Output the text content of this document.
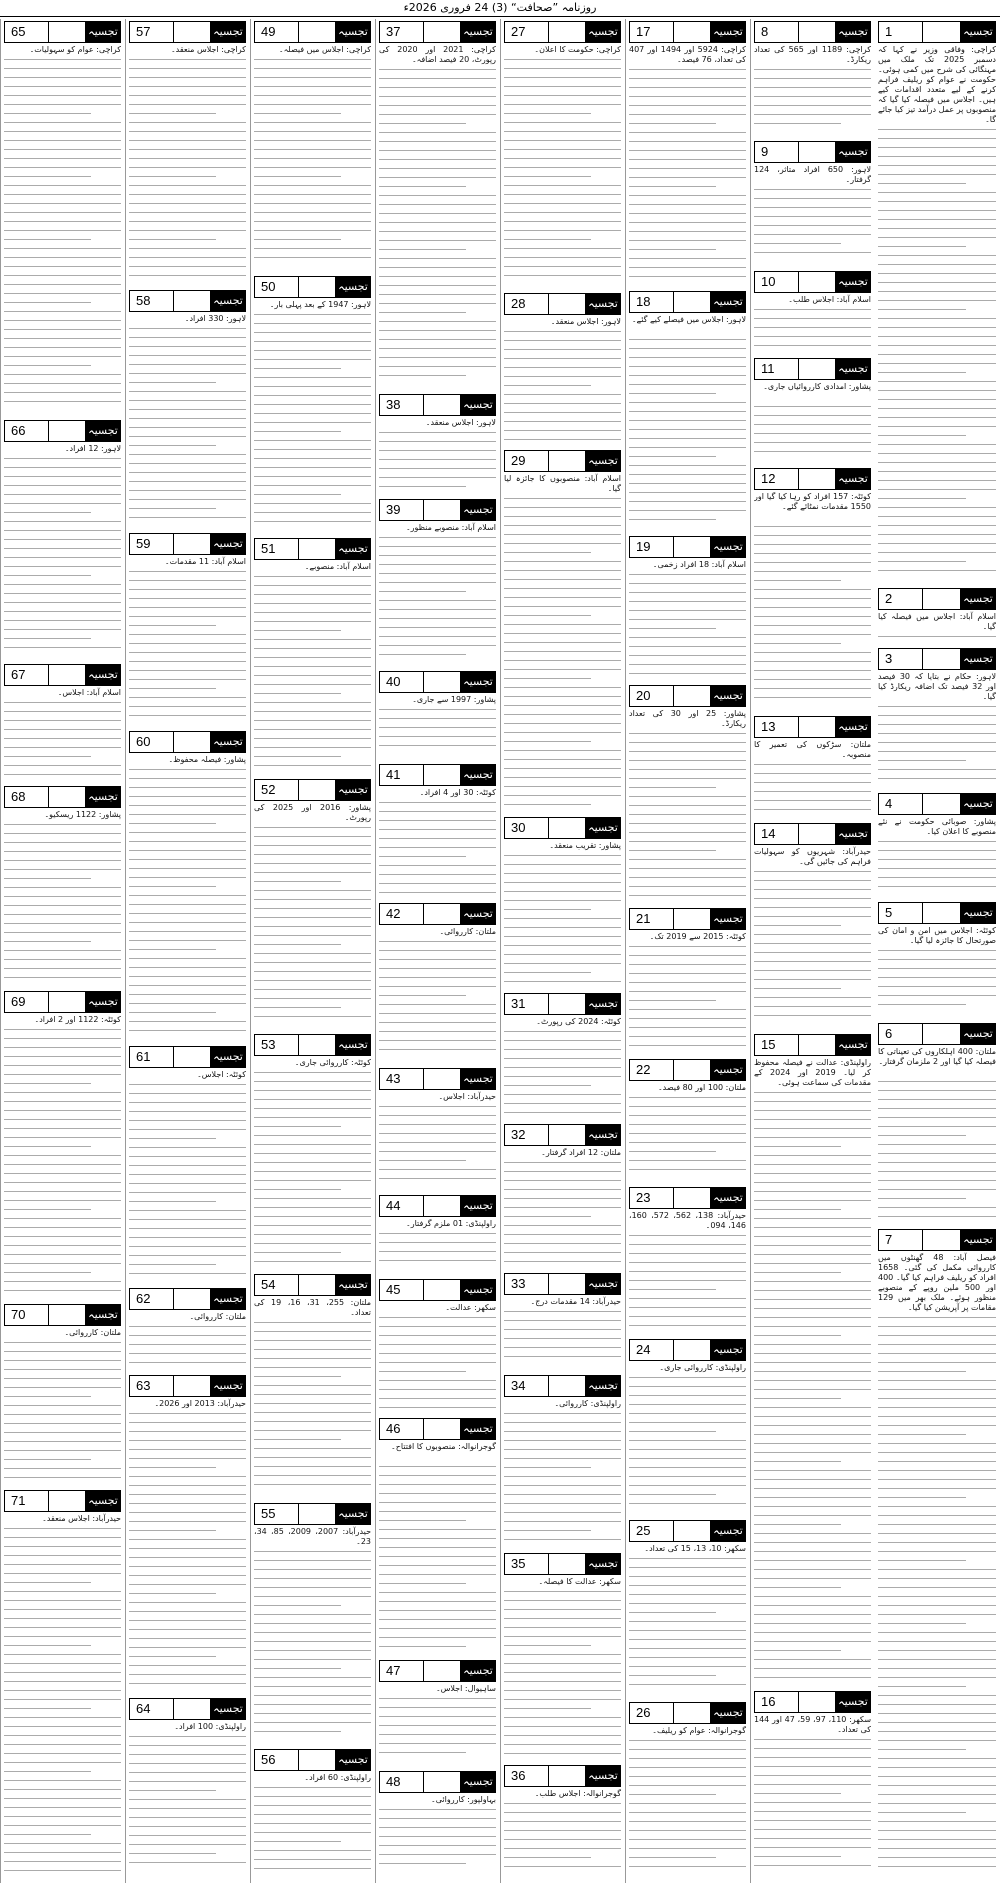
روزنامہ ”صحافت“ (3) 24 فروری 2026ء
1	تجسیہ
کراچی: وفاقی وزیر نے کہا کہ دسمبر 2025 تک ملک میں مہنگائی کی شرح میں کمی ہوئی۔ حکومت نے عوام کو ریلیف فراہم کرنے کے لیے متعدد اقدامات کیے ہیں۔ اجلاس میں فیصلہ کیا گیا کہ منصوبوں پر عمل درآمد تیز کیا جائے گا۔
2	تجسیہ
اسلام آباد: اجلاس میں فیصلہ کیا گیا۔
3	تجسیہ
لاہور: حکام نے بتایا کہ 30 فیصد اور 32 فیصد تک اضافہ ریکارڈ کیا گیا۔
4	تجسیہ
پشاور: صوبائی حکومت نے نئے منصوبے کا اعلان کیا۔
5	تجسیہ
کوئٹہ: اجلاس میں امن و امان کی صورتحال کا جائزہ لیا گیا۔
6	تجسیہ
ملتان: 400 اہلکاروں کی تعیناتی کا فیصلہ کیا گیا اور 2 ملزمان گرفتار۔
7	تجسیہ
فیصل آباد: 48 گھنٹوں میں کارروائی مکمل کی گئی۔ 1658 افراد کو ریلیف فراہم کیا گیا۔ 400 اور 500 ملین روپے کے منصوبے منظور ہوئے۔ ملک بھر میں 129 مقامات پر آپریشن کیا گیا۔
8	تجسیہ
کراچی: 1189 اور 565 کی تعداد ریکارڈ۔
9	تجسیہ
لاہور: 650 افراد متاثر، 124 گرفتار۔
10	تجسیہ
اسلام آباد: اجلاس طلب۔
11	تجسیہ
پشاور: امدادی کارروائیاں جاری۔
12	تجسیہ
کوئٹہ: 157 افراد کو رہا کیا گیا اور 1550 مقدمات نمٹائے گئے۔
13	تجسیہ
ملتان: سڑکوں کی تعمیر کا منصوبہ۔
14	تجسیہ
حیدرآباد: شہریوں کو سہولیات فراہم کی جائیں گی۔
15	تجسیہ
راولپنڈی: عدالت نے فیصلہ محفوظ کر لیا۔ 2019 اور 2024 کے مقدمات کی سماعت ہوئی۔
16	تجسیہ
سکھر: 110، 97، 59، 47 اور 144 کی تعداد۔
17	تجسیہ
کراچی: 5924 اور 1494 اور 407 کی تعداد، 76 فیصد۔
18	تجسیہ
لاہور: اجلاس میں فیصلے کیے گئے۔
19	تجسیہ
اسلام آباد: 18 افراد زخمی۔
20	تجسیہ
پشاور: 25 اور 30 کی تعداد ریکارڈ۔
21	تجسیہ
کوئٹہ: 2015 سے 2019 تک۔
22	تجسیہ
ملتان: 100 اور 80 فیصد۔
23	تجسیہ
حیدرآباد: 138، 562، 572، 160، 146، 094۔
24	تجسیہ
راولپنڈی: کارروائی جاری۔
25	تجسیہ
سکھر: 10، 13، 15 کی تعداد۔
26	تجسیہ
گوجرانوالہ: عوام کو ریلیف۔
27	تجسیہ
کراچی: حکومت کا اعلان۔
28	تجسیہ
لاہور: اجلاس منعقد۔
29	تجسیہ
اسلام آباد: منصوبوں کا جائزہ لیا گیا۔
30	تجسیہ
پشاور: تقریب منعقد۔
31	تجسیہ
کوئٹہ: 2024 کی رپورٹ۔
32	تجسیہ
ملتان: 12 افراد گرفتار۔
33	تجسیہ
حیدرآباد: 14 مقدمات درج۔
34	تجسیہ
راولپنڈی: کارروائی۔
35	تجسیہ
سکھر: عدالت کا فیصلہ۔
36	تجسیہ
گوجرانوالہ: اجلاس طلب۔
37	تجسیہ
کراچی: 2021 اور 2020 کی رپورٹ، 20 فیصد اضافہ۔
38	تجسیہ
لاہور: اجلاس منعقد۔
39	تجسیہ
اسلام آباد: منصوبے منظور۔
40	تجسیہ
پشاور: 1997 سے جاری۔
41	تجسیہ
کوئٹہ: 30 اور 4 افراد۔
42	تجسیہ
ملتان: کارروائی۔
43	تجسیہ
حیدرآباد: اجلاس۔
44	تجسیہ
راولپنڈی: 01 ملزم گرفتار۔
45	تجسیہ
سکھر: عدالت۔
46	تجسیہ
گوجرانوالہ: منصوبوں کا افتتاح۔
47	تجسیہ
ساہیوال: اجلاس۔
48	تجسیہ
بہاولپور: کارروائی۔
49	تجسیہ
کراچی: اجلاس میں فیصلہ۔
50	تجسیہ
لاہور: 1947 کے بعد پہلی بار۔
51	تجسیہ
اسلام آباد: منصوبے۔
52	تجسیہ
پشاور: 2016 اور 2025 کی رپورٹ۔
53	تجسیہ
کوئٹہ: کارروائی جاری۔
54	تجسیہ
ملتان: 255، 31، 16، 19 کی تعداد۔
55	تجسیہ
حیدرآباد: 2007، 2009، 85، 34، 23۔
56	تجسیہ
راولپنڈی: 60 افراد۔
57	تجسیہ
کراچی: اجلاس منعقد۔
58	تجسیہ
لاہور: 330 افراد۔
59	تجسیہ
اسلام آباد: 11 مقدمات۔
60	تجسیہ
پشاور: فیصلہ محفوظ۔
61	تجسیہ
کوئٹہ: اجلاس۔
62	تجسیہ
ملتان: کارروائی۔
63	تجسیہ
حیدرآباد: 2013 اور 2026۔
64	تجسیہ
راولپنڈی: 100 افراد۔
65	تجسیہ
کراچی: عوام کو سہولیات۔
66	تجسیہ
لاہور: 12 افراد۔
67	تجسیہ
اسلام آباد: اجلاس۔
68	تجسیہ
پشاور: 1122 ریسکیو۔
69	تجسیہ
کوئٹہ: 1122 اور 2 افراد۔
70	تجسیہ
ملتان: کارروائی۔
71	تجسیہ
حیدرآباد: اجلاس منعقد۔
